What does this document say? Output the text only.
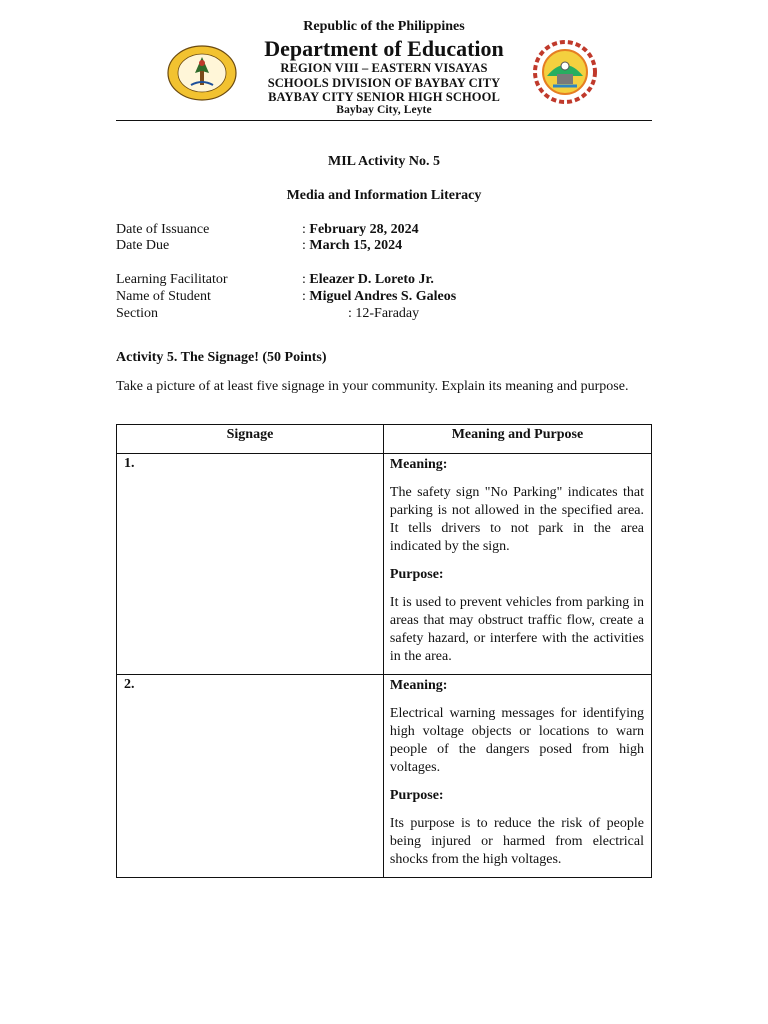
Republic of the Philippines
Department of Education
REGION VIII – EASTERN VISAYAS
SCHOOLS DIVISION OF BAYBAY CITY
BAYBAY CITY SENIOR HIGH SCHOOL
Baybay City, Leyte
MIL Activity No. 5
Media and Information Literacy
Date of Issuance	: February 28, 2024
Date Due	: March 15, 2024
Learning Facilitator	: Eleazer D. Loreto Jr.
Name of Student	: Miguel Andres S. Galeos
Section	: 12-Faraday
Activity 5. The Signage! (50 Points)
Take a picture of at least five signage in your community. Explain its meaning and purpose.
Signage	Meaning and Purpose

1.	Meaning:
The safety sign "No Parking" indicates that parking is not allowed in the specified area. It tells drivers to not park in the area indicated by the sign.
Purpose:
It is used to prevent vehicles from parking in areas that may obstruct traffic flow, create a safety hazard, or interfere with the activities in the area.

2.	Meaning:
Electrical warning messages for identifying high voltage objects or locations to warn people of the dangers posed from high voltages.
Purpose:
Its purpose is to reduce the risk of people being injured or harmed from electrical shocks from the high voltages.
